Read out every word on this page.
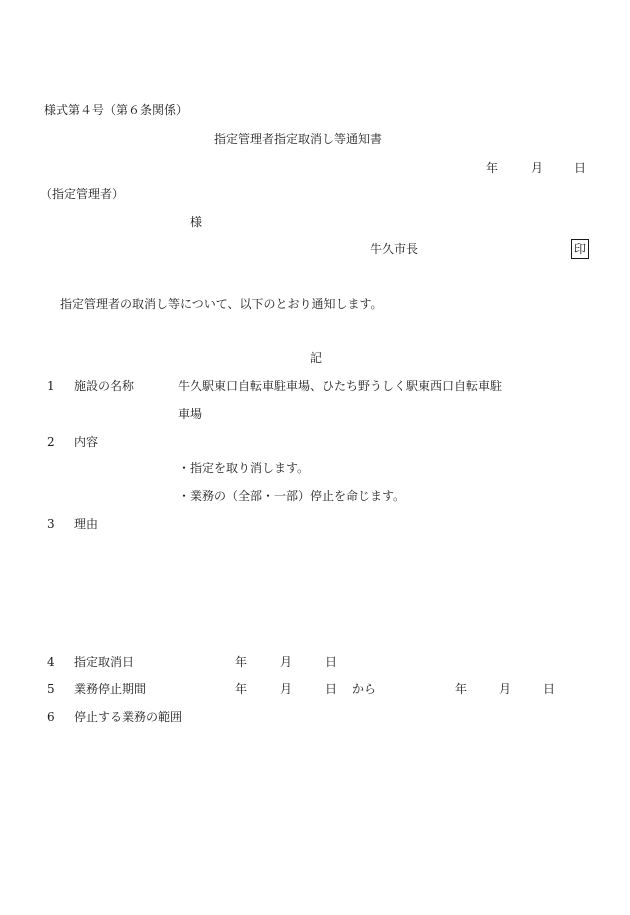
様式第４号（第６条関係）
指定管理者指定取消し等通知書
年	月	日
（指定管理者）
様
牛久市長	印
指定管理者の取消し等について、以下のとおり通知します。
記
1 施設の名称	牛久駅東口自転車駐車場、ひたち野うしく駅東西口自転車駐
車場
2 内容
・指定を取り消します。
・業務の（全部・一部）停止を命じます。
3 理由
4 指定取消日	年	月	日
5 業務停止期間	年	月	日 から	年	月	日
6 停止する業務の範囲
